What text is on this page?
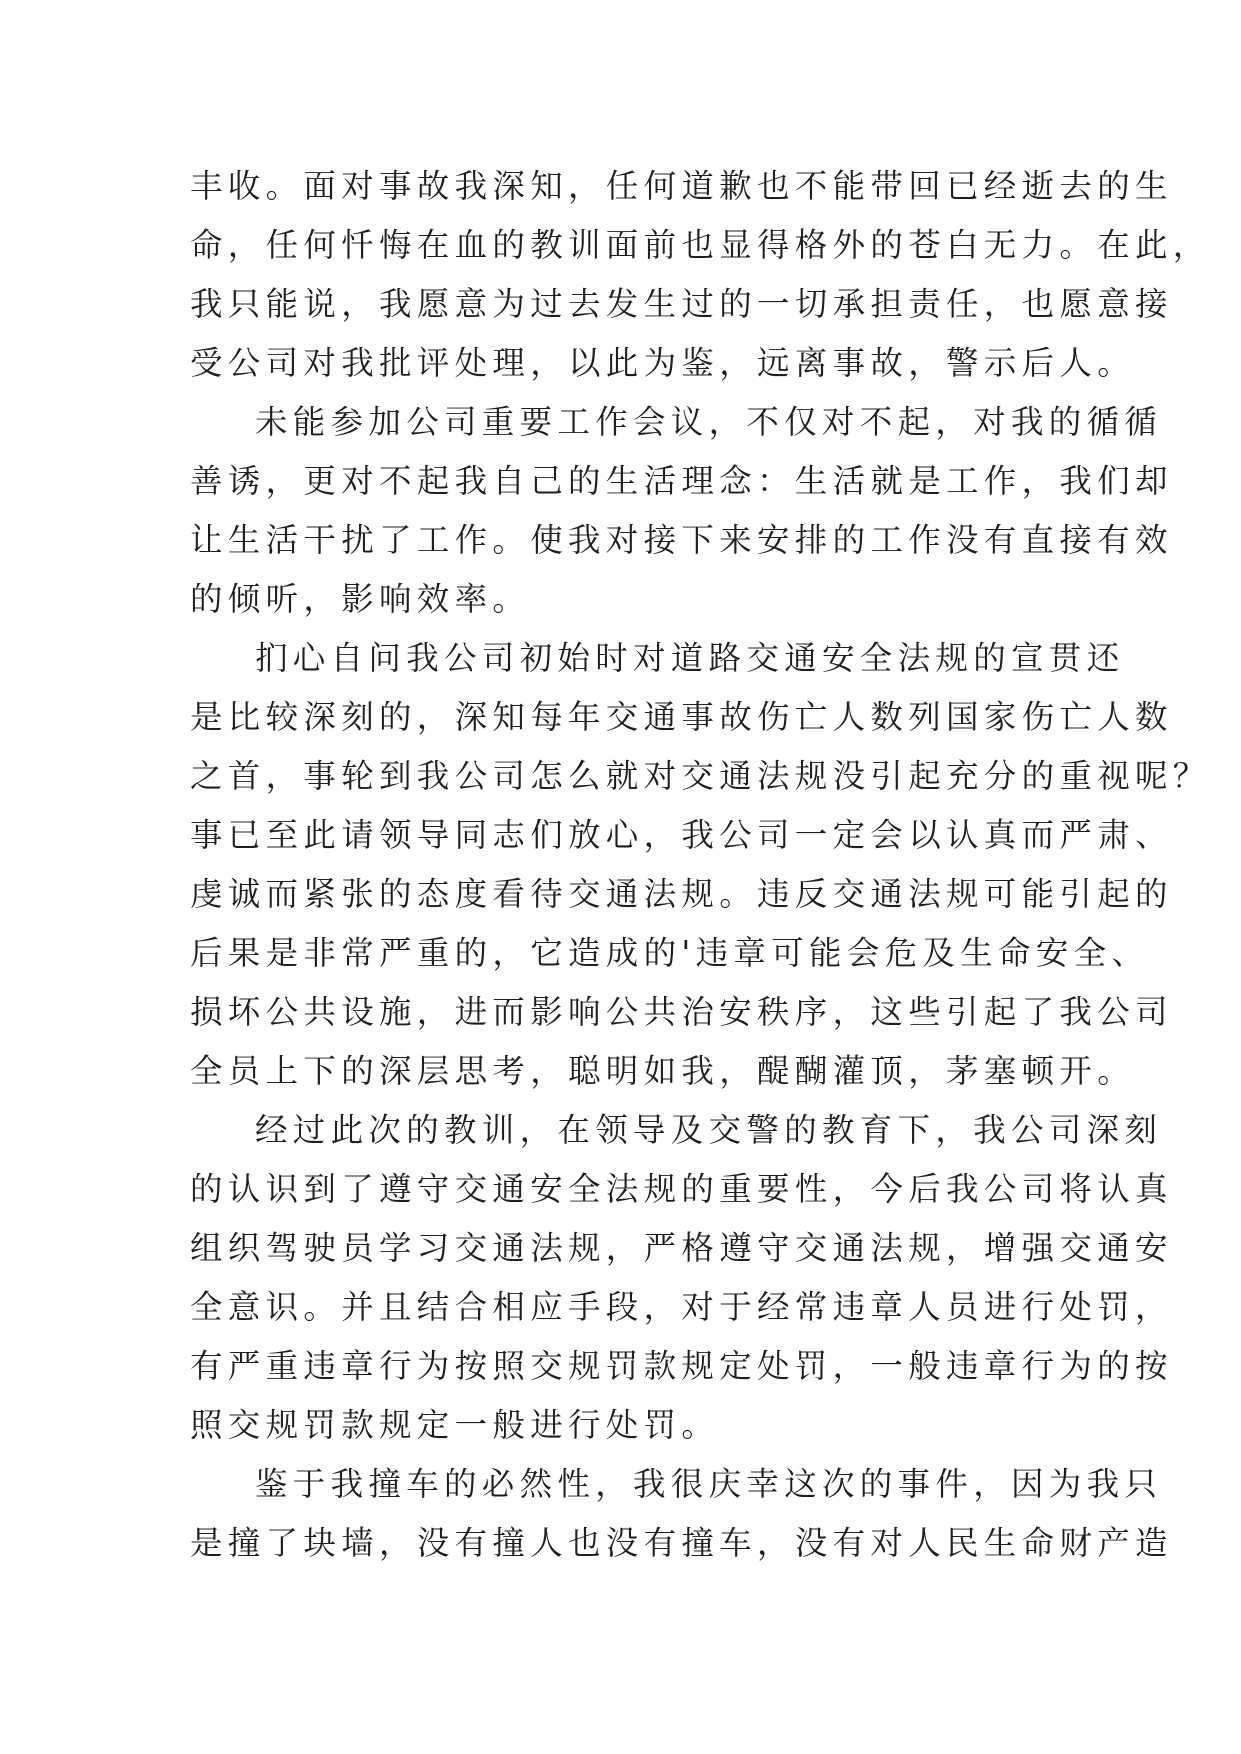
丰收。面对事故我深知，任何道歉也不能带回已经逝去的生

命，任何忏悔在血的教训面前也显得格外的苍白无力。在此，

我只能说，我愿意为过去发生过的一切承担责任，也愿意接

受公司对我批评处理，以此为鉴，远离事故，警示后人。

未能参加公司重要工作会议，不仅对不起，对我的循循

善诱，更对不起我自己的生活理念：生活就是工作，我们却

让生活干扰了工作。使我对接下来安排的工作没有直接有效

的倾听，影响效率。

扪心自问我公司初始时对道路交通安全法规的宣贯还

是比较深刻的，深知每年交通事故伤亡人数列国家伤亡人数

之首，事轮到我公司怎么就对交通法规没引起充分的重视呢？

事已至此请领导同志们放心，我公司一定会以认真而严肃、

虔诚而紧张的态度看待交通法规。违反交通法规可能引起的

后果是非常严重的，它造成的'违章可能会危及生命安全、

损坏公共设施，进而影响公共治安秩序，这些引起了我公司

全员上下的深层思考，聪明如我，醍醐灌顶，茅塞顿开。

经过此次的教训，在领导及交警的教育下，我公司深刻

的认识到了遵守交通安全法规的重要性，今后我公司将认真

组织驾驶员学习交通法规，严格遵守交通法规，增强交通安

全意识。并且结合相应手段，对于经常违章人员进行处罚，

有严重违章行为按照交规罚款规定处罚，一般违章行为的按

照交规罚款规定一般进行处罚。

鉴于我撞车的必然性，我很庆幸这次的事件，因为我只

是撞了块墙，没有撞人也没有撞车，没有对人民生命财产造
